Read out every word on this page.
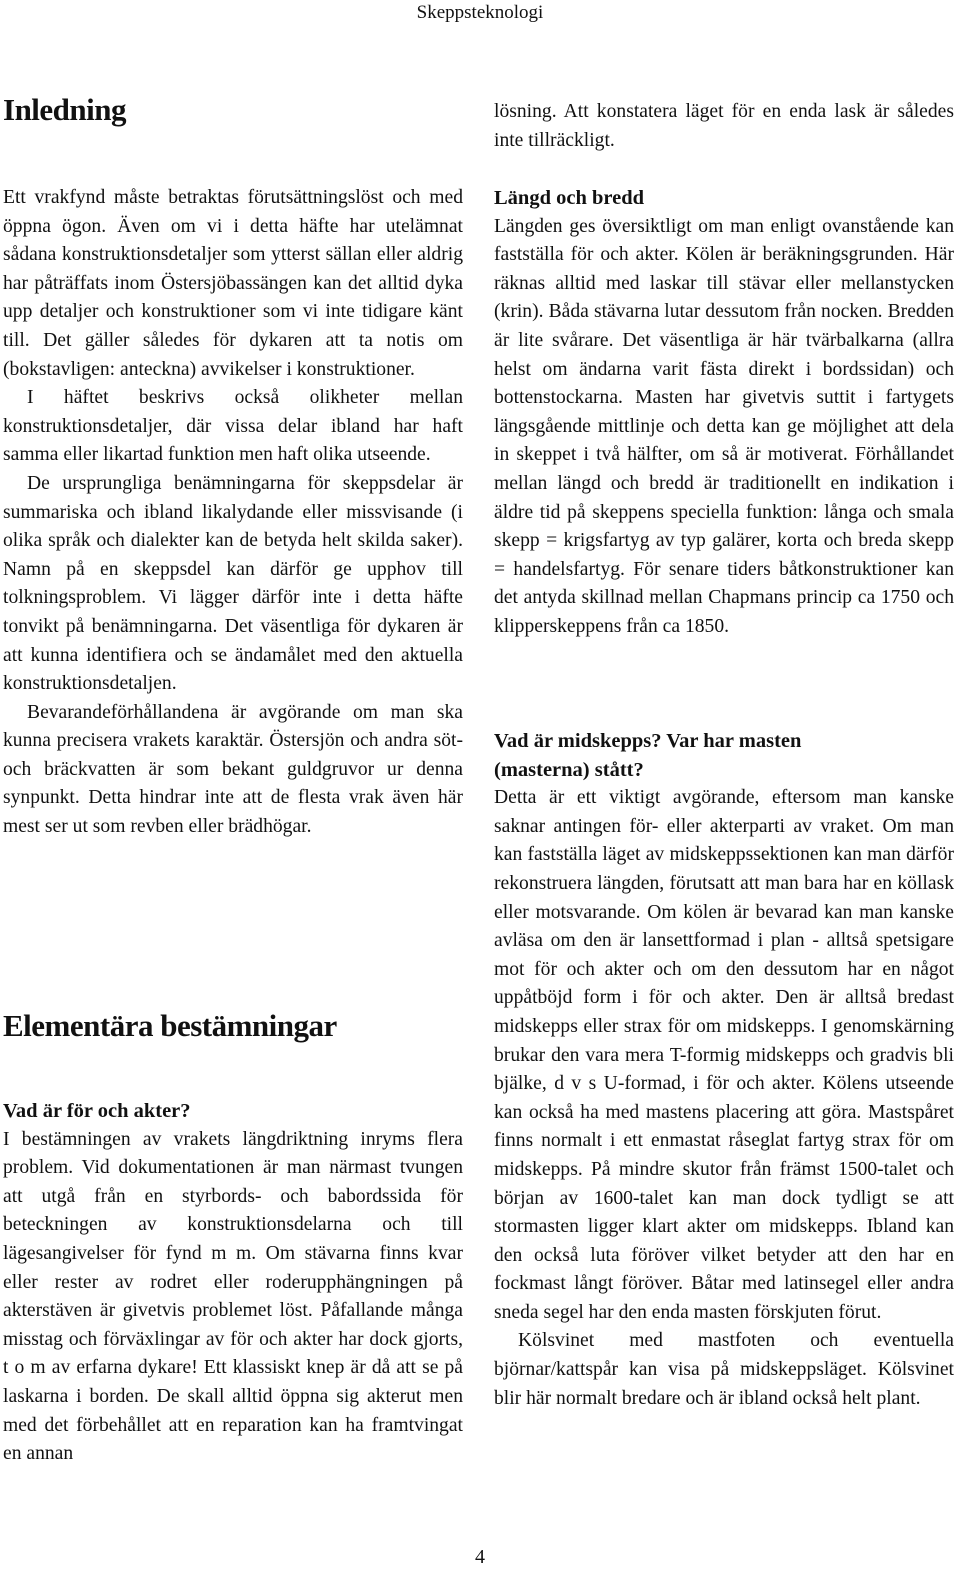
Skeppsteknologi
Inledning

Ett vrakfynd måste betraktas förutsättningslöst och med öppna ögon. Även om vi i detta häfte har utelämnat sådana konstruktionsdetaljer som ytterst sällan eller aldrig har påträffats inom Östersjöbassängen kan det alltid dyka upp detaljer och konstruktioner som vi inte tidigare känt till. Det gäller således för dykaren att ta notis om (bokstavligen: anteckna) avvikelser i konstruktioner.

I häftet beskrivs också olikheter mellan konstruktionsdetaljer, där vissa delar ibland har haft samma eller likartad funktion men haft olika utseende.

De ursprungliga benämningarna för skeppsdelar är summariska och ibland likalydande eller missvisande (i olika språk och dialekter kan de betyda helt skilda saker). Namn på en skeppsdel kan därför ge upphov till tolkningsproblem. Vi lägger därför inte i detta häfte tonvikt på benämningarna. Det väsentliga för dykaren är att kunna identifiera och se ändamålet med den aktuella konstruktionsdetaljen.

Bevarandeförhållandena är avgörande om man ska kunna precisera vrakets karaktär. Östersjön och andra söt- och bräckvatten är som bekant guldgruvor ur denna synpunkt. Detta hindrar inte att de flesta vrak även här mest ser ut som revben eller brädhögar.

Elementära bestämningar
Vad är för och akter?

I bestämningen av vrakets längdriktning inryms flera problem. Vid dokumentationen är man närmast tvungen att utgå från en styrbords- och babordssida för beteckningen av konstruktionsdelarna och till lägesangivelser för fynd m m. Om stävarna finns kvar eller rester av rodret eller roderupphängningen på akterstäven är givetvis problemet löst. Påfallande många misstag och förväxlingar av för och akter har dock gjorts, t o m av erfarna dykare! Ett klassiskt knep är då att se på laskarna i borden. De skall alltid öppna sig akterut men med det förbehållet att en reparation kan ha framtvingat en annan

lösning. Att konstatera läget för en enda lask är således inte tillräckligt.

Längd och bredd

Längden ges översiktligt om man enligt ovanstående kan fastställa för och akter. Kölen är beräkningsgrunden. Här räknas alltid med laskar till stävar eller mellanstycken (krin). Båda stävarna lutar dessutom från nocken. Bredden är lite svårare. Det väsentliga är här tvärbalkarna (allra helst om ändarna varit fästa direkt i bordssidan) och bottenstockarna. Masten har givetvis suttit i fartygets längsgående mittlinje och detta kan ge möjlighet att dela in skeppet i två hälfter, om så är motiverat. Förhållandet mellan längd och bredd är traditionellt en indikation i äldre tid på skeppens speciella funktion: långa och smala skepp = krigsfartyg av typ galärer, korta och breda skepp = handelsfartyg. För senare tiders båtkonstruktioner kan det antyda skillnad mellan Chapmans princip ca 1750 och klipperskeppens från ca 1850.

Vad är midskepps? Var har masten
(masterna) stått?

Detta är ett viktigt avgörande, eftersom man kanske saknar antingen för- eller akterparti av vraket. Om man kan fastställa läget av midskeppssektionen kan man därför rekonstruera längden, förutsatt att man bara har en köllask eller motsvarande. Om kölen är bevarad kan man kanske avläsa om den är lansettformad i plan - alltså spetsigare mot för och akter och om den dessutom har en något uppåtböjd form i för och akter. Den är alltså bredast midskepps eller strax för om midskepps. I genomskärning brukar den vara mera T-formig midskepps och gradvis bli bjälke, d v s U-formad, i för och akter. Kölens utseende kan också ha med mastens placering att göra. Mastspåret finns normalt i ett enmastat råseglat fartyg strax för om midskepps. På mindre skutor från främst 1500-talet och början av 1600-talet kan man dock tydligt se att stormasten ligger klart akter om midskepps. Ibland kan den också luta föröver vilket betyder att den har en fockmast långt föröver. Båtar med latinsegel eller andra sneda segel har den enda masten förskjuten förut.

Kölsvinet med mastfoten och eventuella björnar/kattspår kan visa på midskeppsläget. Kölsvinet blir här normalt bredare och är ibland också helt plant.

4
